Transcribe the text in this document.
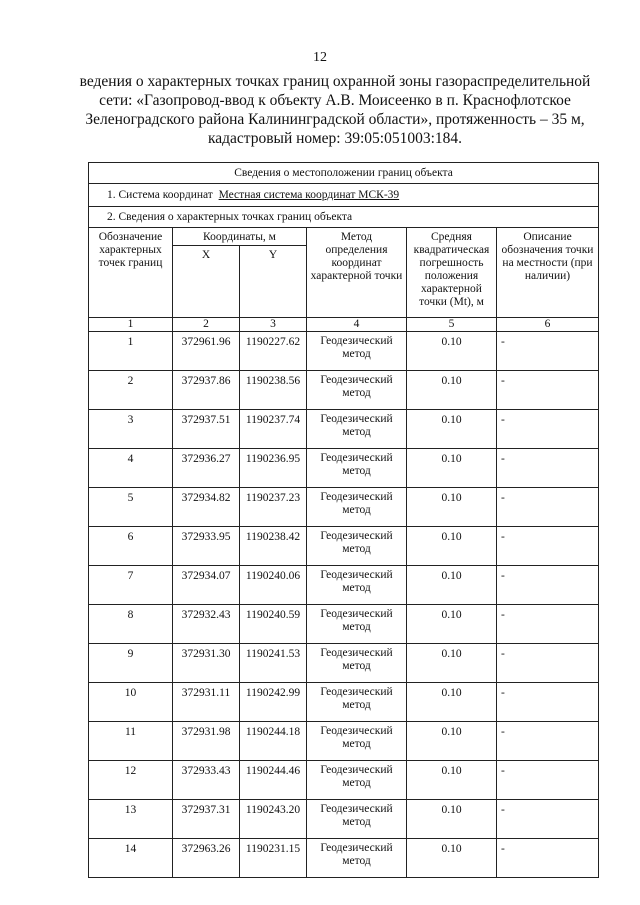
12
ведения о характерных точках границ охранной зоны газораспределительной сети: «Газопровод-ввод к объекту А.В. Моисеенко в п. Краснофлотское Зеленоградского района Калининградской области», протяженность – 35 м, кадастровый номер: 39:05:051003:184.
Сведения о местоположении границ объекта					
1. Система координат Местная система координат МСК-39					
2. Сведения о характерных точках границ объекта					
Обозначение характерных точек границ	Координаты, м		Метод определения координат характерной точки	Средняя квадратическая погрешность положения характерной точки (Mt), м	Описание обозначения точки на местности (при наличии)
	X	Y			
1	2	3	4	5	6
1	372961.96	1190227.62	Геодезический метод	0.10	-
2	372937.86	1190238.56	Геодезический метод	0.10	-
3	372937.51	1190237.74	Геодезический метод	0.10	-
4	372936.27	1190236.95	Геодезический метод	0.10	-
5	372934.82	1190237.23	Геодезический метод	0.10	-
6	372933.95	1190238.42	Геодезический метод	0.10	-
7	372934.07	1190240.06	Геодезический метод	0.10	-
8	372932.43	1190240.59	Геодезический метод	0.10	-
9	372931.30	1190241.53	Геодезический метод	0.10	-
10	372931.11	1190242.99	Геодезический метод	0.10	-
11	372931.98	1190244.18	Геодезический метод	0.10	-
12	372933.43	1190244.46	Геодезический метод	0.10	-
13	372937.31	1190243.20	Геодезический метод	0.10	-
14	372963.26	1190231.15	Геодезический метод	0.10	-
